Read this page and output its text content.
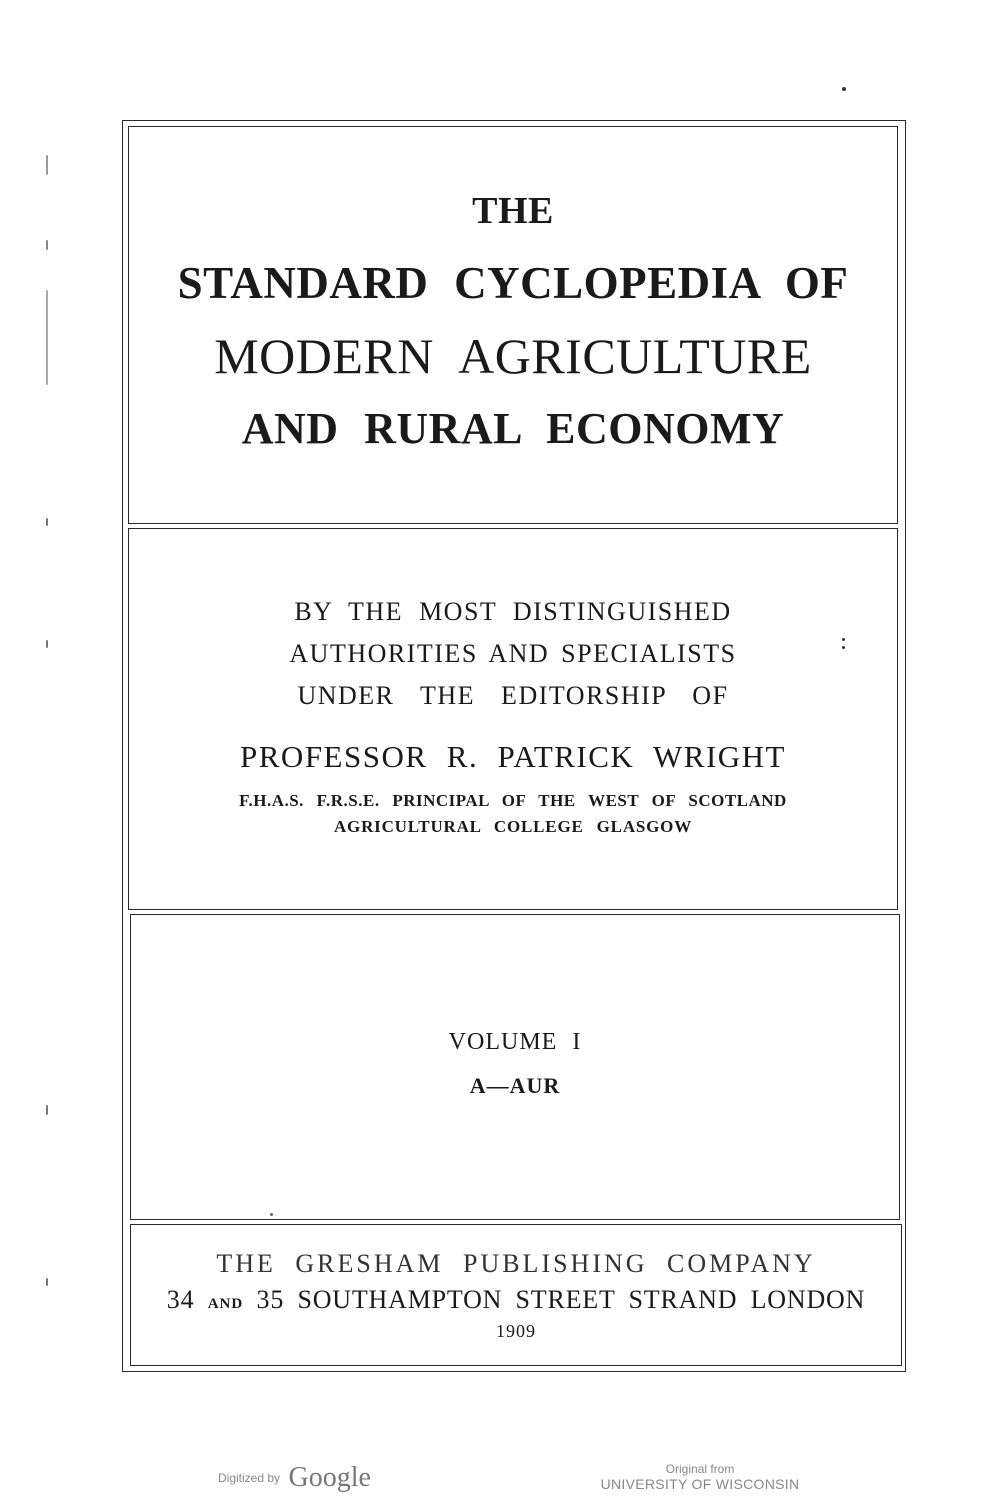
THE
STANDARD CYCLOPEDIA OF
MODERN AGRICULTURE
AND RURAL ECONOMY
BY THE MOST DISTINGUISHED
AUTHORITIES AND SPECIALISTS
UNDER THE EDITORSHIP OF
PROFESSOR R. PATRICK WRIGHT
F.H.A.S. F.R.S.E. PRINCIPAL OF THE WEST OF SCOTLAND
AGRICULTURAL COLLEGE GLASGOW
VOLUME I
A—AUR
THE GRESHAM PUBLISHING COMPANY
34 AND 35 SOUTHAMPTON STREET STRAND LONDON
1909
Digitized by Google	Original from
UNIVERSITY OF WISCONSIN
